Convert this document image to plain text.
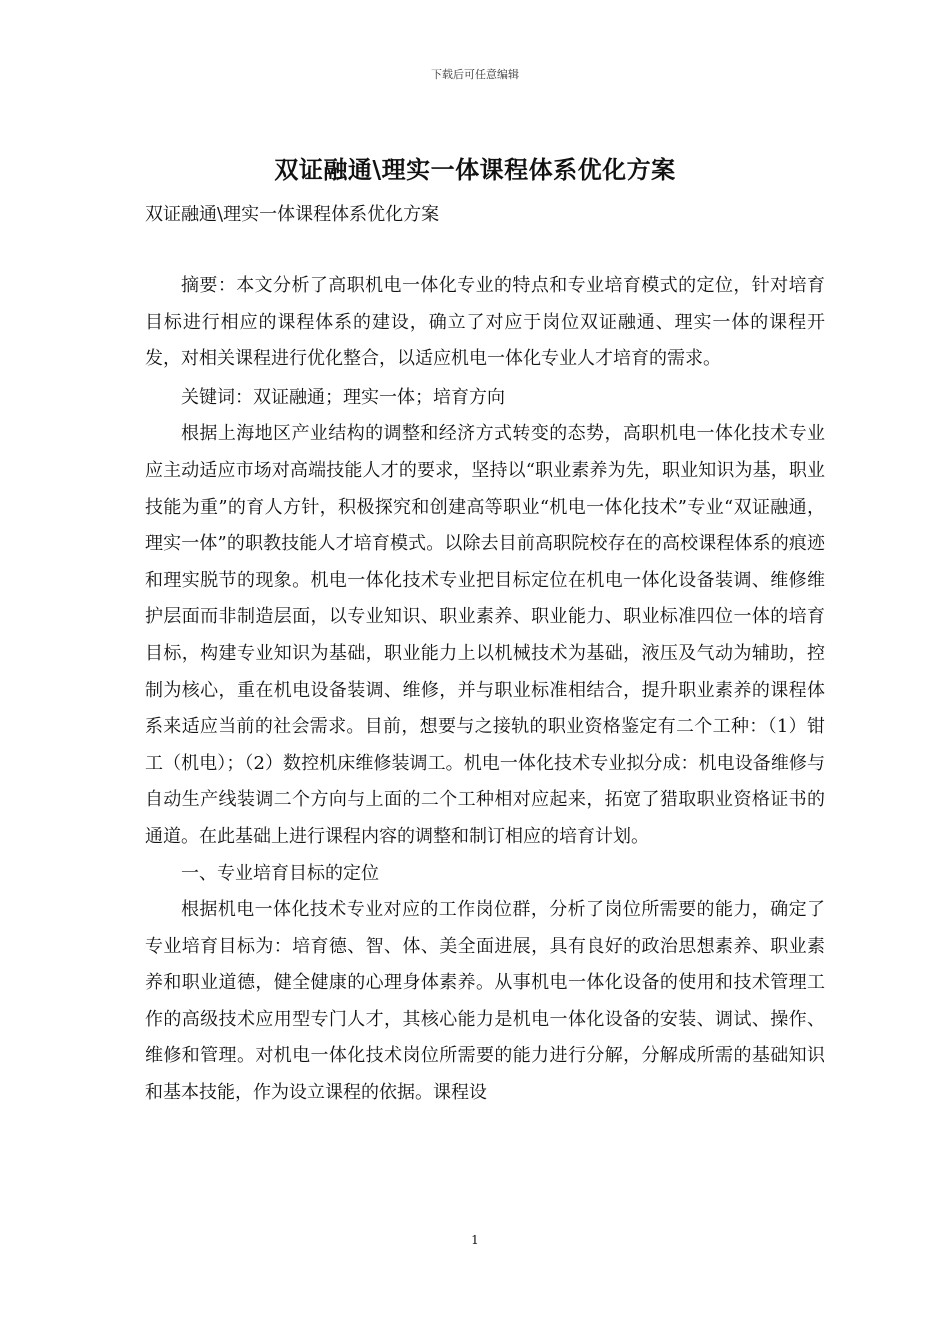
下载后可任意编辑
双证融通\理实一体课程体系优化方案
双证融通\理实一体课程体系优化方案

摘要：本文分析了高职机电一体化专业的特点和专业培育模式的定位，针对培育目标进行相应的课程体系的建设，确立了对应于岗位双证融通、理实一体的课程开发，对相关课程进行优化整合，以适应机电一体化专业人才培育的需求。

关键词：双证融通；理实一体；培育方向

根据上海地区产业结构的调整和经济方式转变的态势，高职机电一体化技术专业应主动适应市场对高端技能人才的要求，坚持以“职业素养为先，职业知识为基，职业技能为重”的育人方针，积极探究和创建高等职业“机电一体化技术”专业“双证融通，理实一体”的职教技能人才培育模式。以除去目前高职院校存在的高校课程体系的痕迹和理实脱节的现象。机电一体化技术专业把目标定位在机电一体化设备装调、维修维护层面而非制造层面，以专业知识、职业素养、职业能力、职业标准四位一体的培育目标，构建专业知识为基础，职业能力上以机械技术为基础，液压及气动为辅助，控制为核心，重在机电设备装调、维修，并与职业标准相结合，提升职业素养的课程体系来适应当前的社会需求。目前，想要与之接轨的职业资格鉴定有二个工种：（1）钳工（机电）；（2）数控机床维修装调工。机电一体化技术专业拟分成：机电设备维修与自动生产线装调二个方向与上面的二个工种相对应起来，拓宽了猎取职业资格证书的通道。在此基础上进行课程内容的调整和制订相应的培育计划。

一、专业培育目标的定位

根据机电一体化技术专业对应的工作岗位群，分析了岗位所需要的能力，确定了专业培育目标为：培育德、智、体、美全面进展，具有良好的政治思想素养、职业素养和职业道德，健全健康的心理身体素养。从事机电一体化设备的使用和技术管理工作的高级技术应用型专门人才，其核心能力是机电一体化设备的安装、调试、操作、维修和管理。对机电一体化技术岗位所需要的能力进行分解，分解成所需的基础知识和基本技能，作为设立课程的依据。课程设

1
